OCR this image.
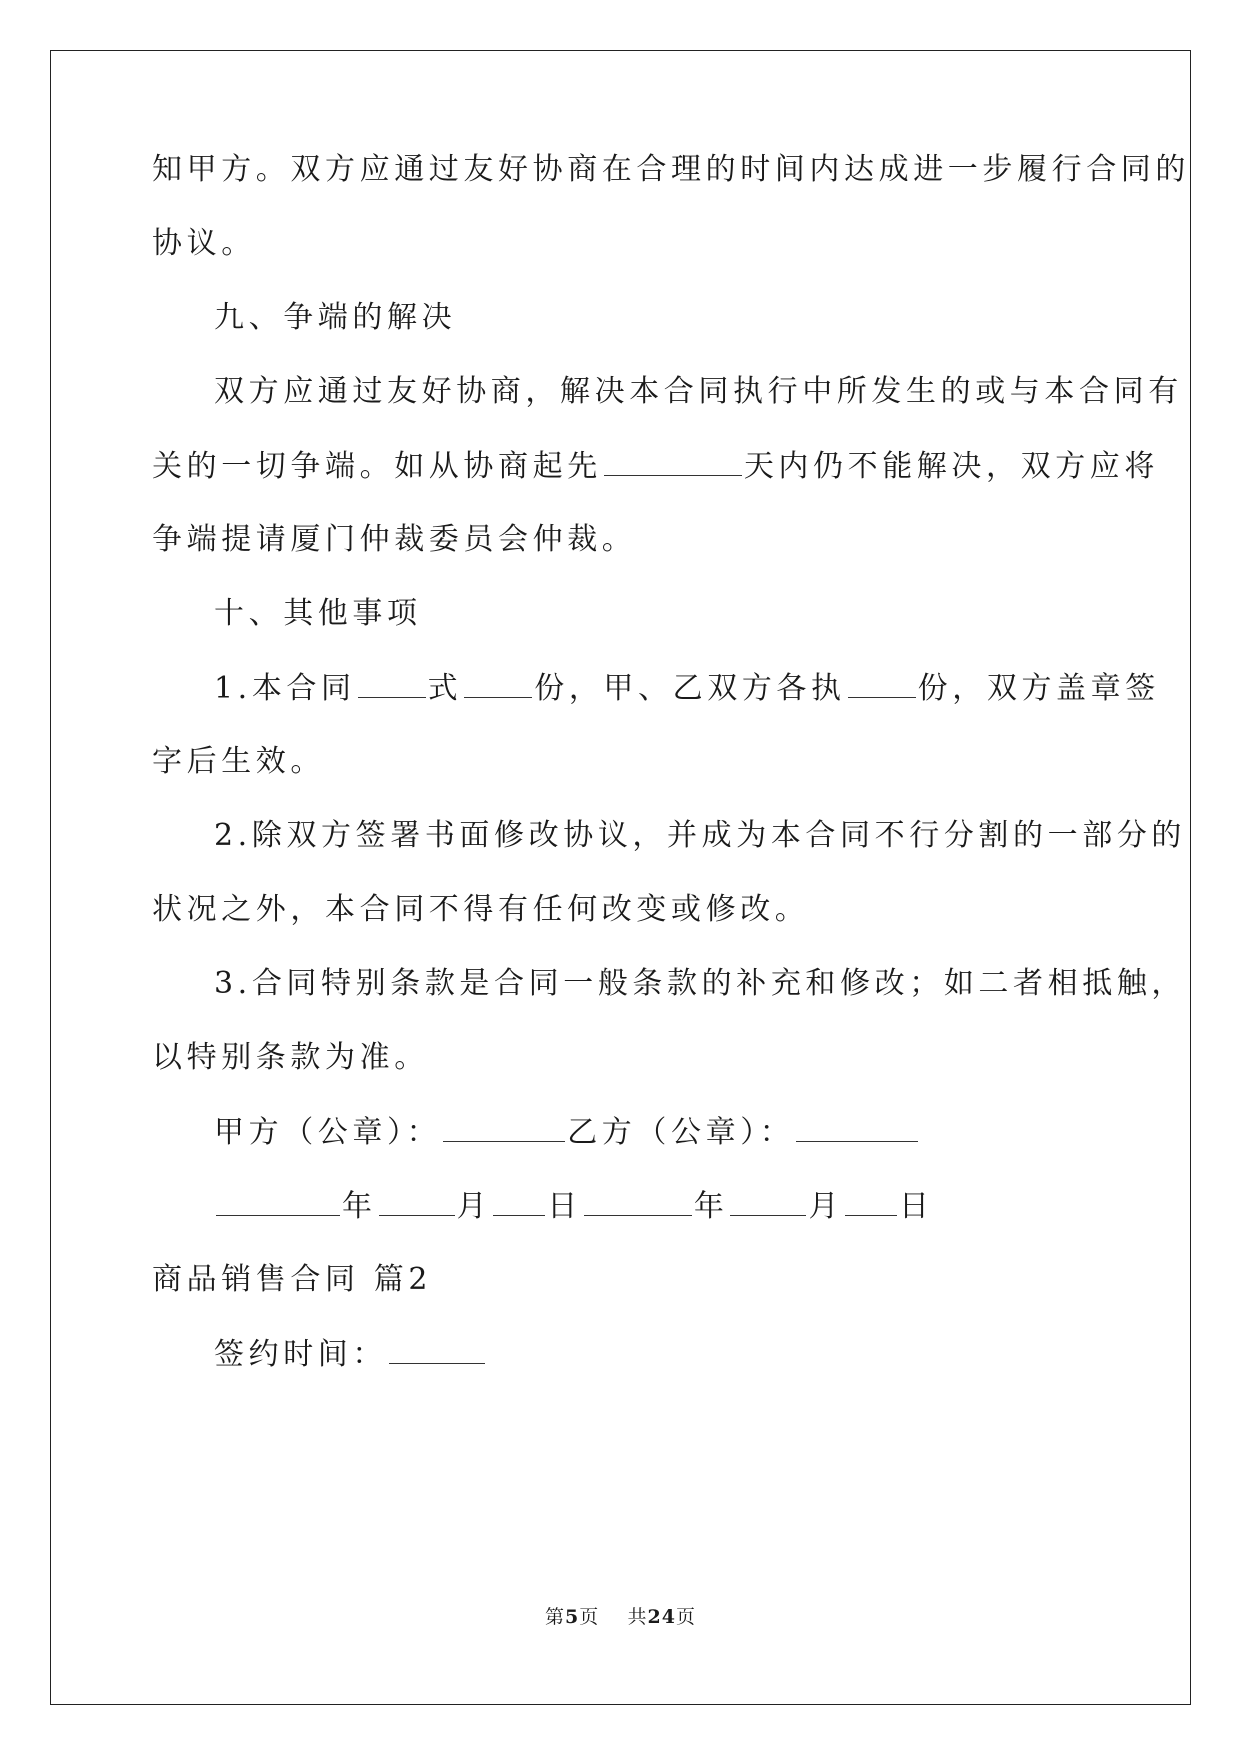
知甲方。双方应通过友好协商在合理的时间内达成进一步履行合同的
协议。
九、争端的解决
双方应通过友好协商，解决本合同执行中所发生的或与本合同有
关的一切争端。如从协商起先	天内仍不能解决，双方应将
争端提请厦门仲裁委员会仲裁。
十、其他事项
1.本合同 式 份，甲、乙双方各执 份，双方盖章签
字后生效。
2.除双方签署书面修改协议，并成为本合同不行分割的一部分的
状况之外，本合同不得有任何改变或修改。
3.合同特别条款是合同一般条款的补充和修改；如二者相抵触，
以特别条款为准。
甲方（公章）：	乙方（公章）：
年	月 日	年	月 日
商品销售合同 篇2
签约时间：
第5页 共24页
